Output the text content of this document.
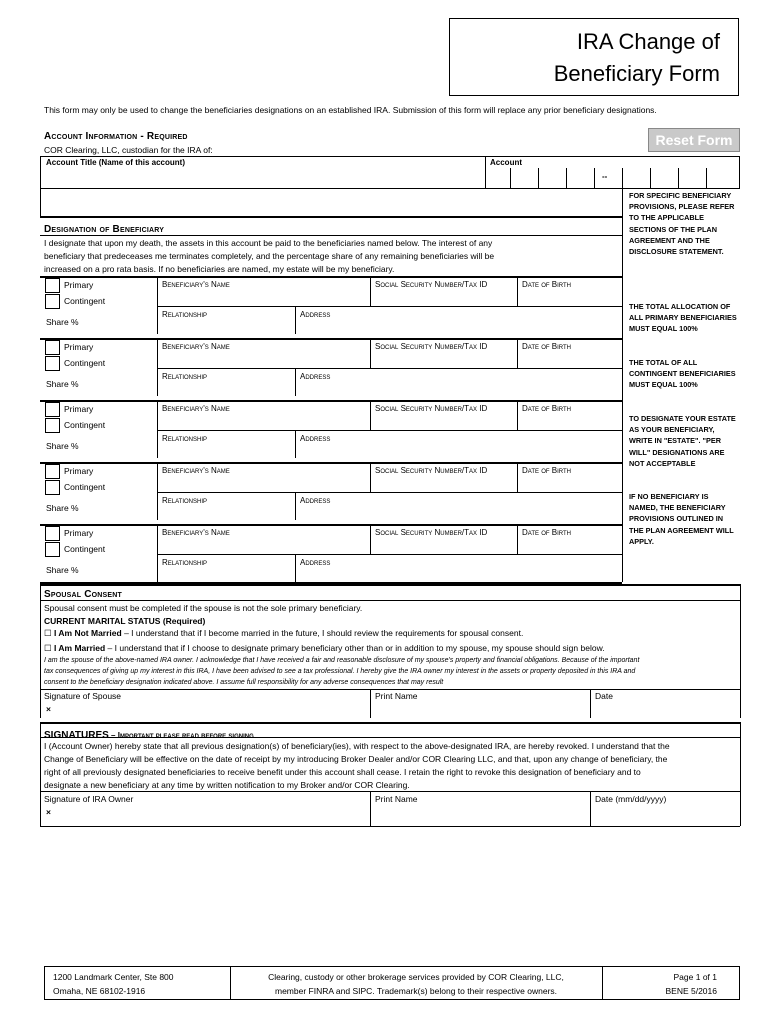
IRA Change of
Beneficiary Form
This form may only be used to change the beneficiaries designations on an established IRA. Submission of this form will replace any prior beneficiary designations.
Account Information - Required
COR Clearing, LLC, custodian for the IRA of:
Reset Form
Account Title (Name of this account)	Account
--
Designation of Beneficiary
I designate that upon my death, the assets in this account be paid to the beneficiaries named below. The interest of any
beneficiary that predeceases me terminates completely, and the percentage share of any remaining beneficiaries will be
increased on a pro rata basis. If no beneficiaries are named, my estate will be my beneficiary.
Primary
Contingent
Share %
Beneficiary's Name	Social Security Number/Tax ID	Date of Birth
Relationship	Address
Primary
Contingent
Share %
Beneficiary's Name	Social Security Number/Tax ID	Date of Birth
Relationship	Address
Primary
Contingent
Share %
Beneficiary's Name	Social Security Number/Tax ID	Date of Birth
Relationship	Address
Primary
Contingent
Share %
Beneficiary's Name	Social Security Number/Tax ID	Date of Birth
Relationship	Address
Primary
Contingent
Share %
Beneficiary's Name	Social Security Number/Tax ID	Date of Birth
Relationship	Address
FOR SPECIFIC BENEFICIARY PROVISIONS, PLEASE REFER TO THE APPLICABLE SECTIONS OF THE PLAN AGREEMENT AND THE DISCLOSURE STATEMENT.
THE TOTAL ALLOCATION OF ALL PRIMARY BENEFICIARIES MUST EQUAL 100%
THE TOTAL OF ALL CONTINGENT BENEFICIARIES MUST EQUAL 100%
TO DESIGNATE YOUR ESTATE AS YOUR BENEFICIARY, WRITE IN "ESTATE". "PER WILL" DESIGNATIONS ARE NOT ACCEPTABLE
IF NO BENEFICIARY IS NAMED, THE BENEFICIARY PROVISIONS OUTLINED IN THE PLAN AGREEMENT WILL APPLY.
Spousal Consent
Spousal consent must be completed if the spouse is not the sole primary beneficiary.
CURRENT MARITAL STATUS (Required)
☐ I Am Not Married – I understand that if I become married in the future, I should review the requirements for spousal consent.
☐ I Am Married – I understand that if I choose to designate primary beneficiary other than or in addition to my spouse, my spouse should sign below.
I am the spouse of the above-named IRA owner. I acknowledge that I have received a fair and reasonable disclosure of my spouse's property and financial obligations. Because of the important
tax consequences of giving up my interest in this IRA, I have been advised to see a tax professional. I hereby give the IRA owner my interest in the assets or property deposited in this IRA and
consent to the beneficiary designation indicated above. I assume full responsibility for any adverse consequences that may result
Signature of Spouse
×
Print Name	Date
SIGNATURES – Important please read before signing
I (Account Owner) hereby state that all previous designation(s) of beneficiary(ies), with respect to the above-designated IRA, are hereby revoked. I understand that the
Change of Beneficiary will be effective on the date of receipt by my introducing Broker Dealer and/or COR Clearing LLC, and that, upon any change of beneficiary, the
right of all previously designated beneficiaries to receive benefit under this account shall cease. I retain the right to revoke this designation of beneficiary and to
designate a new beneficiary at any time by written notification to my Broker and/or COR Clearing.
Signature of IRA Owner
×
Print Name	Date (mm/dd/yyyy)
1200 Landmark Center, Ste 800
Omaha, NE 68102-1916
Clearing, custody or other brokerage services provided by COR Clearing, LLC,
member FINRA and SIPC. Trademark(s) belong to their respective owners.
Page 1 of 1
BENE 5/2016
